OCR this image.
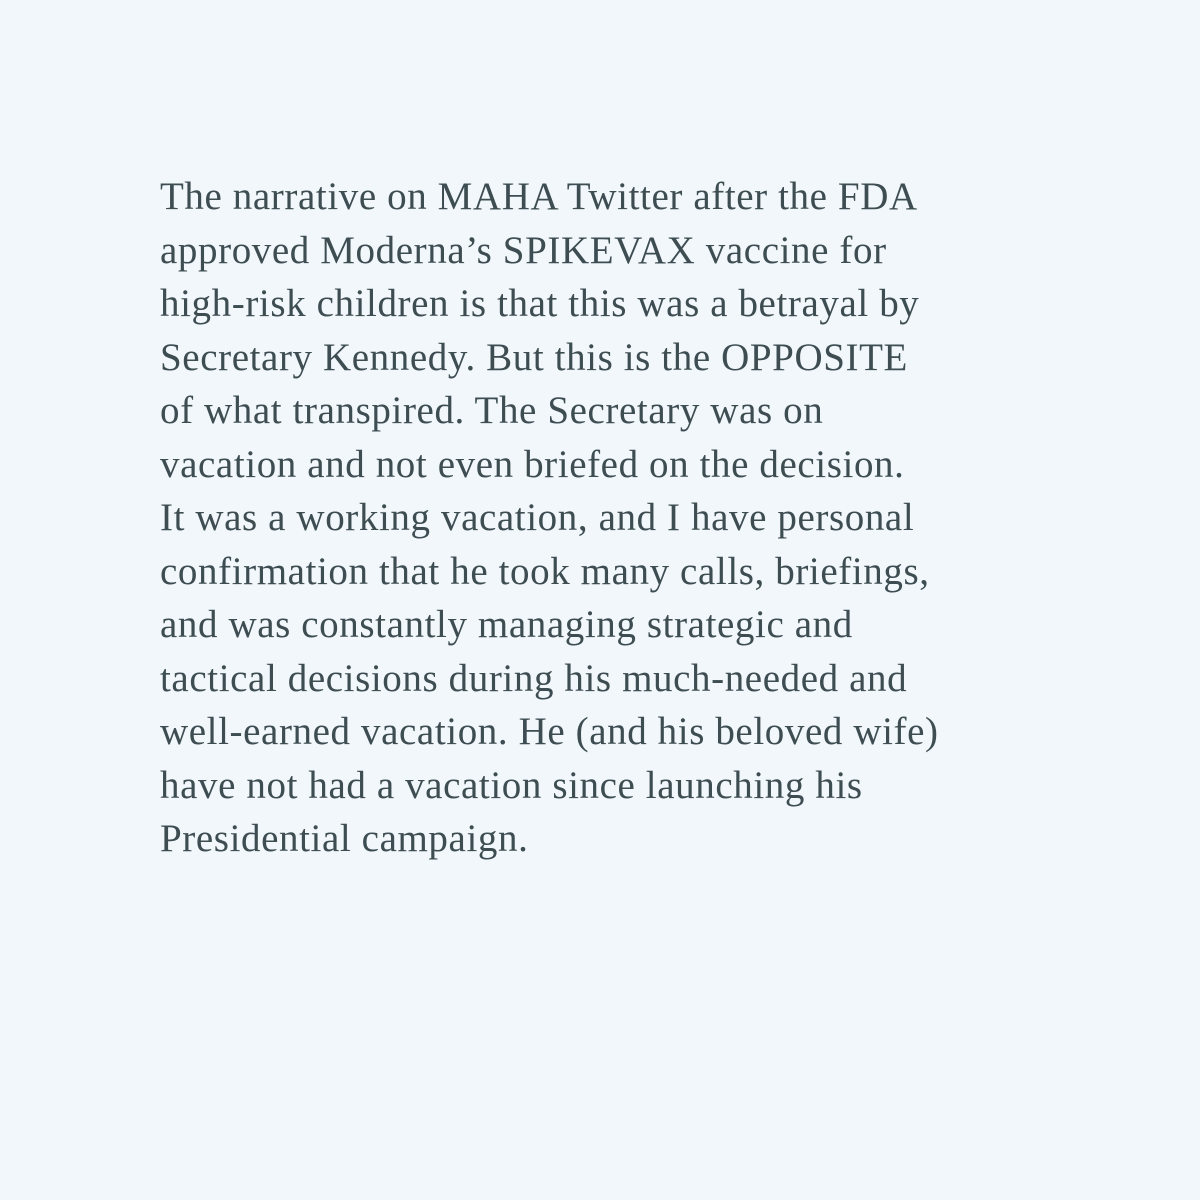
The narrative on MAHA Twitter after the FDA
approved Moderna’s SPIKEVAX vaccine for
high-risk children is that this was a betrayal by
Secretary Kennedy. But this is the OPPOSITE
of what transpired. The Secretary was on
vacation and not even briefed on the decision.
It was a working vacation, and I have personal
confirmation that he took many calls, briefings,
and was constantly managing strategic and
tactical decisions during his much-needed and
well-earned vacation. He (and his beloved wife)
have not had a vacation since launching his
Presidential campaign.
